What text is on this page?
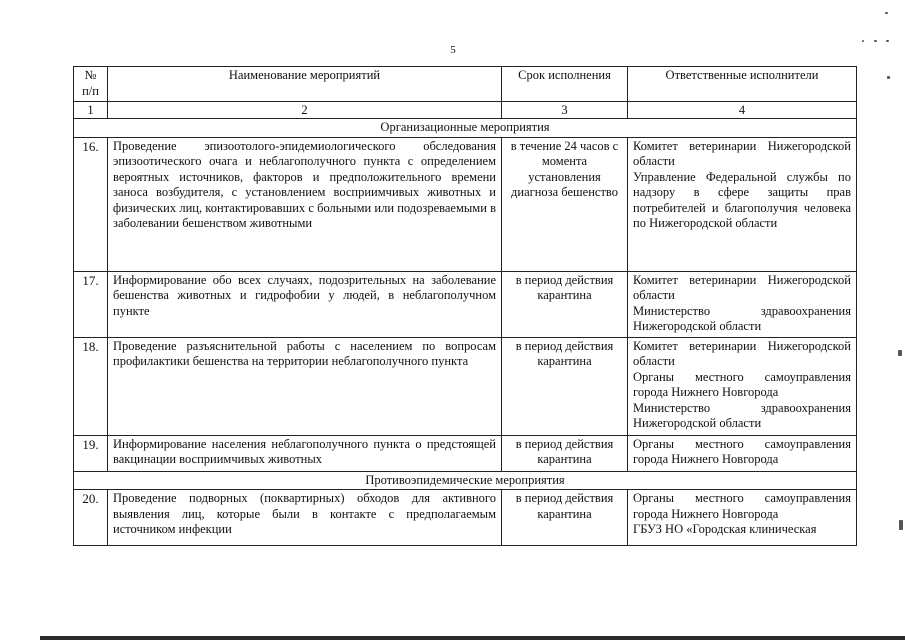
5
№ п/п	Наименование мероприятий	Срок исполнения	Ответственные исполнители
1	2	3	4
Организационные мероприятия			
16.	Проведение эпизоотолого-эпидемиологического обследования эпизоотического очага и неблагополучного пункта с определением вероятных источников, факторов и предположительного времени заноса возбудителя, с установлением восприимчивых животных и физических лиц, контактировавших с больными или подозреваемыми в заболевании бешенством животными	в течение 24 часов с момента установления диагноза бешенство	Комитет ветеринарии Нижегородской области
Управление Федеральной службы по надзору в сфере защиты прав потребителей и благополучия человека по Нижегородской области

17.	Информирование обо всех случаях, подозрительных на заболевание бешенства животных и гидрофобии у людей, в неблагополучном пункте	в период действия карантина	Комитет ветеринарии Нижегородской области
Министерство здравоохранения Нижегородской области

18.	Проведение разъяснительной работы с населением по вопросам профилактики бешенства на территории неблагополучного пункта	в период действия карантина	Комитет ветеринарии Нижегородской области
Органы местного самоуправления города Нижнего Новгорода
Министерство здравоохранения Нижегородской области

19.	Информирование населения неблагополучного пункта о предстоящей вакцинации восприимчивых животных	в период действия карантина	Органы местного самоуправления города Нижнего Новгорода

Противоэпидемические мероприятия			
20.	Проведение подворных (поквартирных) обходов для активного выявления лиц, которые были в контакте с предполагаемым источником инфекции	в период действия карантина	Органы местного самоуправления города Нижнего Новгорода
ГБУЗ НО «Городская клиническая
